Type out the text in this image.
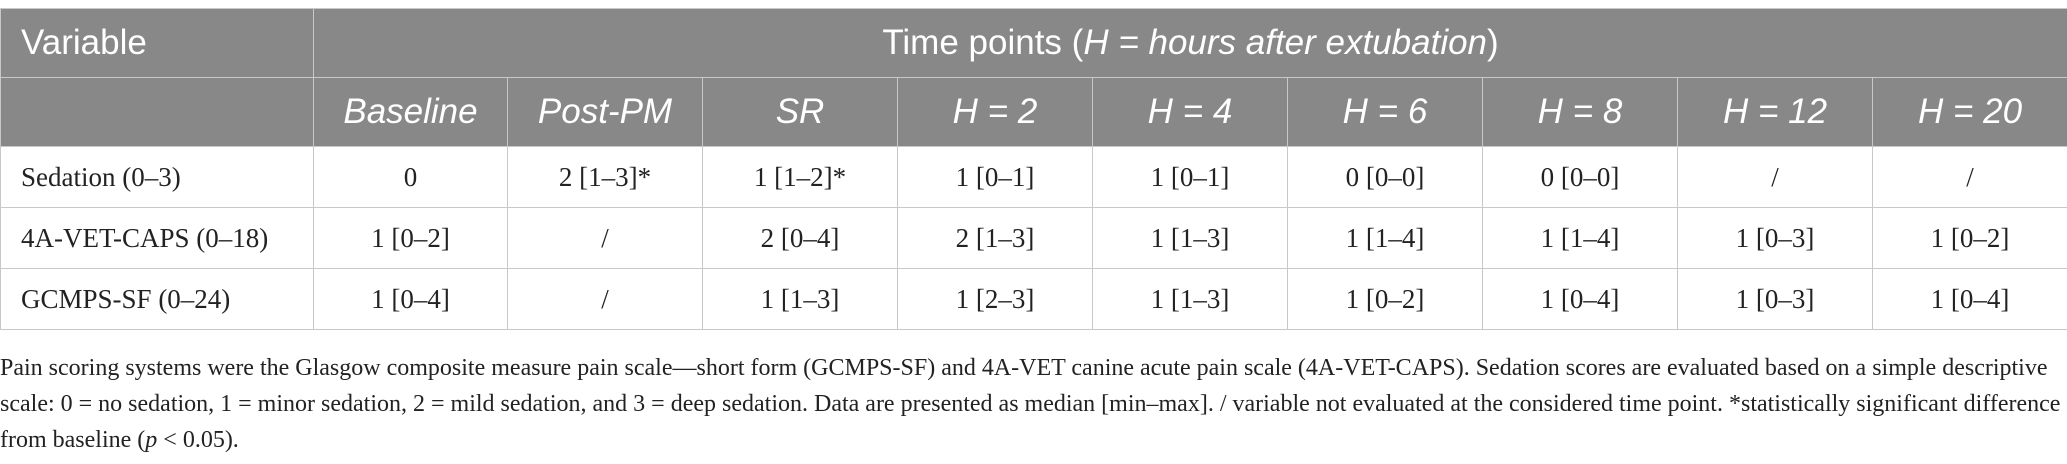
Variable	Time points (H = hours after extubation)								
	Baseline	Post-PM	SR	H = 2	H = 4	H = 6	H = 8	H = 12	H = 20
Sedation (0–3)	0	2 [1–3]*	1 [1–2]*	1 [0–1]	1 [0–1]	0 [0–0]	0 [0–0]	/	/
4A-VET-CAPS (0–18)	1 [0–2]	/	2 [0–4]	2 [1–3]	1 [1–3]	1 [1–4]	1 [1–4]	1 [0–3]	1 [0–2]
GCMPS-SF (0–24)	1 [0–4]	/	1 [1–3]	1 [2–3]	1 [1–3]	1 [0–2]	1 [0–4]	1 [0–3]	1 [0–4]

Pain scoring systems were the Glasgow composite measure pain scale—short form (GCMPS-SF) and 4A-VET canine acute pain scale (4A-VET-CAPS). Sedation scores are evaluated based on a simple descriptive scale: 0 = no sedation, 1 = minor sedation, 2 = mild sedation, and 3 = deep sedation. Data are presented as median [min–max]. / variable not evaluated at the considered time point. *statistically significant difference from baseline (p < 0.05).
